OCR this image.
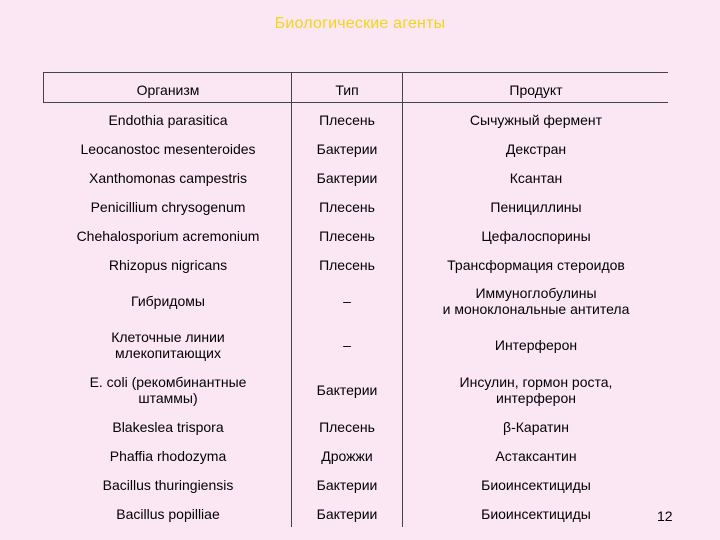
Биологические агенты
Организм	Тип	Продукт
Endothia parasitica	Плесень	Сычужный фермент
Leocanostoc mesenteroides	Бактерии	Декстран
Xanthomonas campestris	Бактерии	Ксантан
Penicillium chrysogenum	Плесень	Пенициллины
Chehalosporium acremonium	Плесень	Цефалоспорины
Rhizopus nigricans	Плесень	Трансформация стероидов
Гибридомы	–	Иммуноглобулины
и моноклональные антитела
Клеточные линии
млекопитающих	–	Интерферон
E. coli (рекомбинантные
штаммы)	Бактерии	Инсулин, гормон роста,
интерферон
Blakeslea trispora	Плесень	β-Каратин
Phaffia rhodozyma	Дрожжи	Астаксантин
Bacillus thuringiensis	Бактерии	Биоинсектициды
Bacillus popilliae	Бактерии	Биоинсектициды	12
